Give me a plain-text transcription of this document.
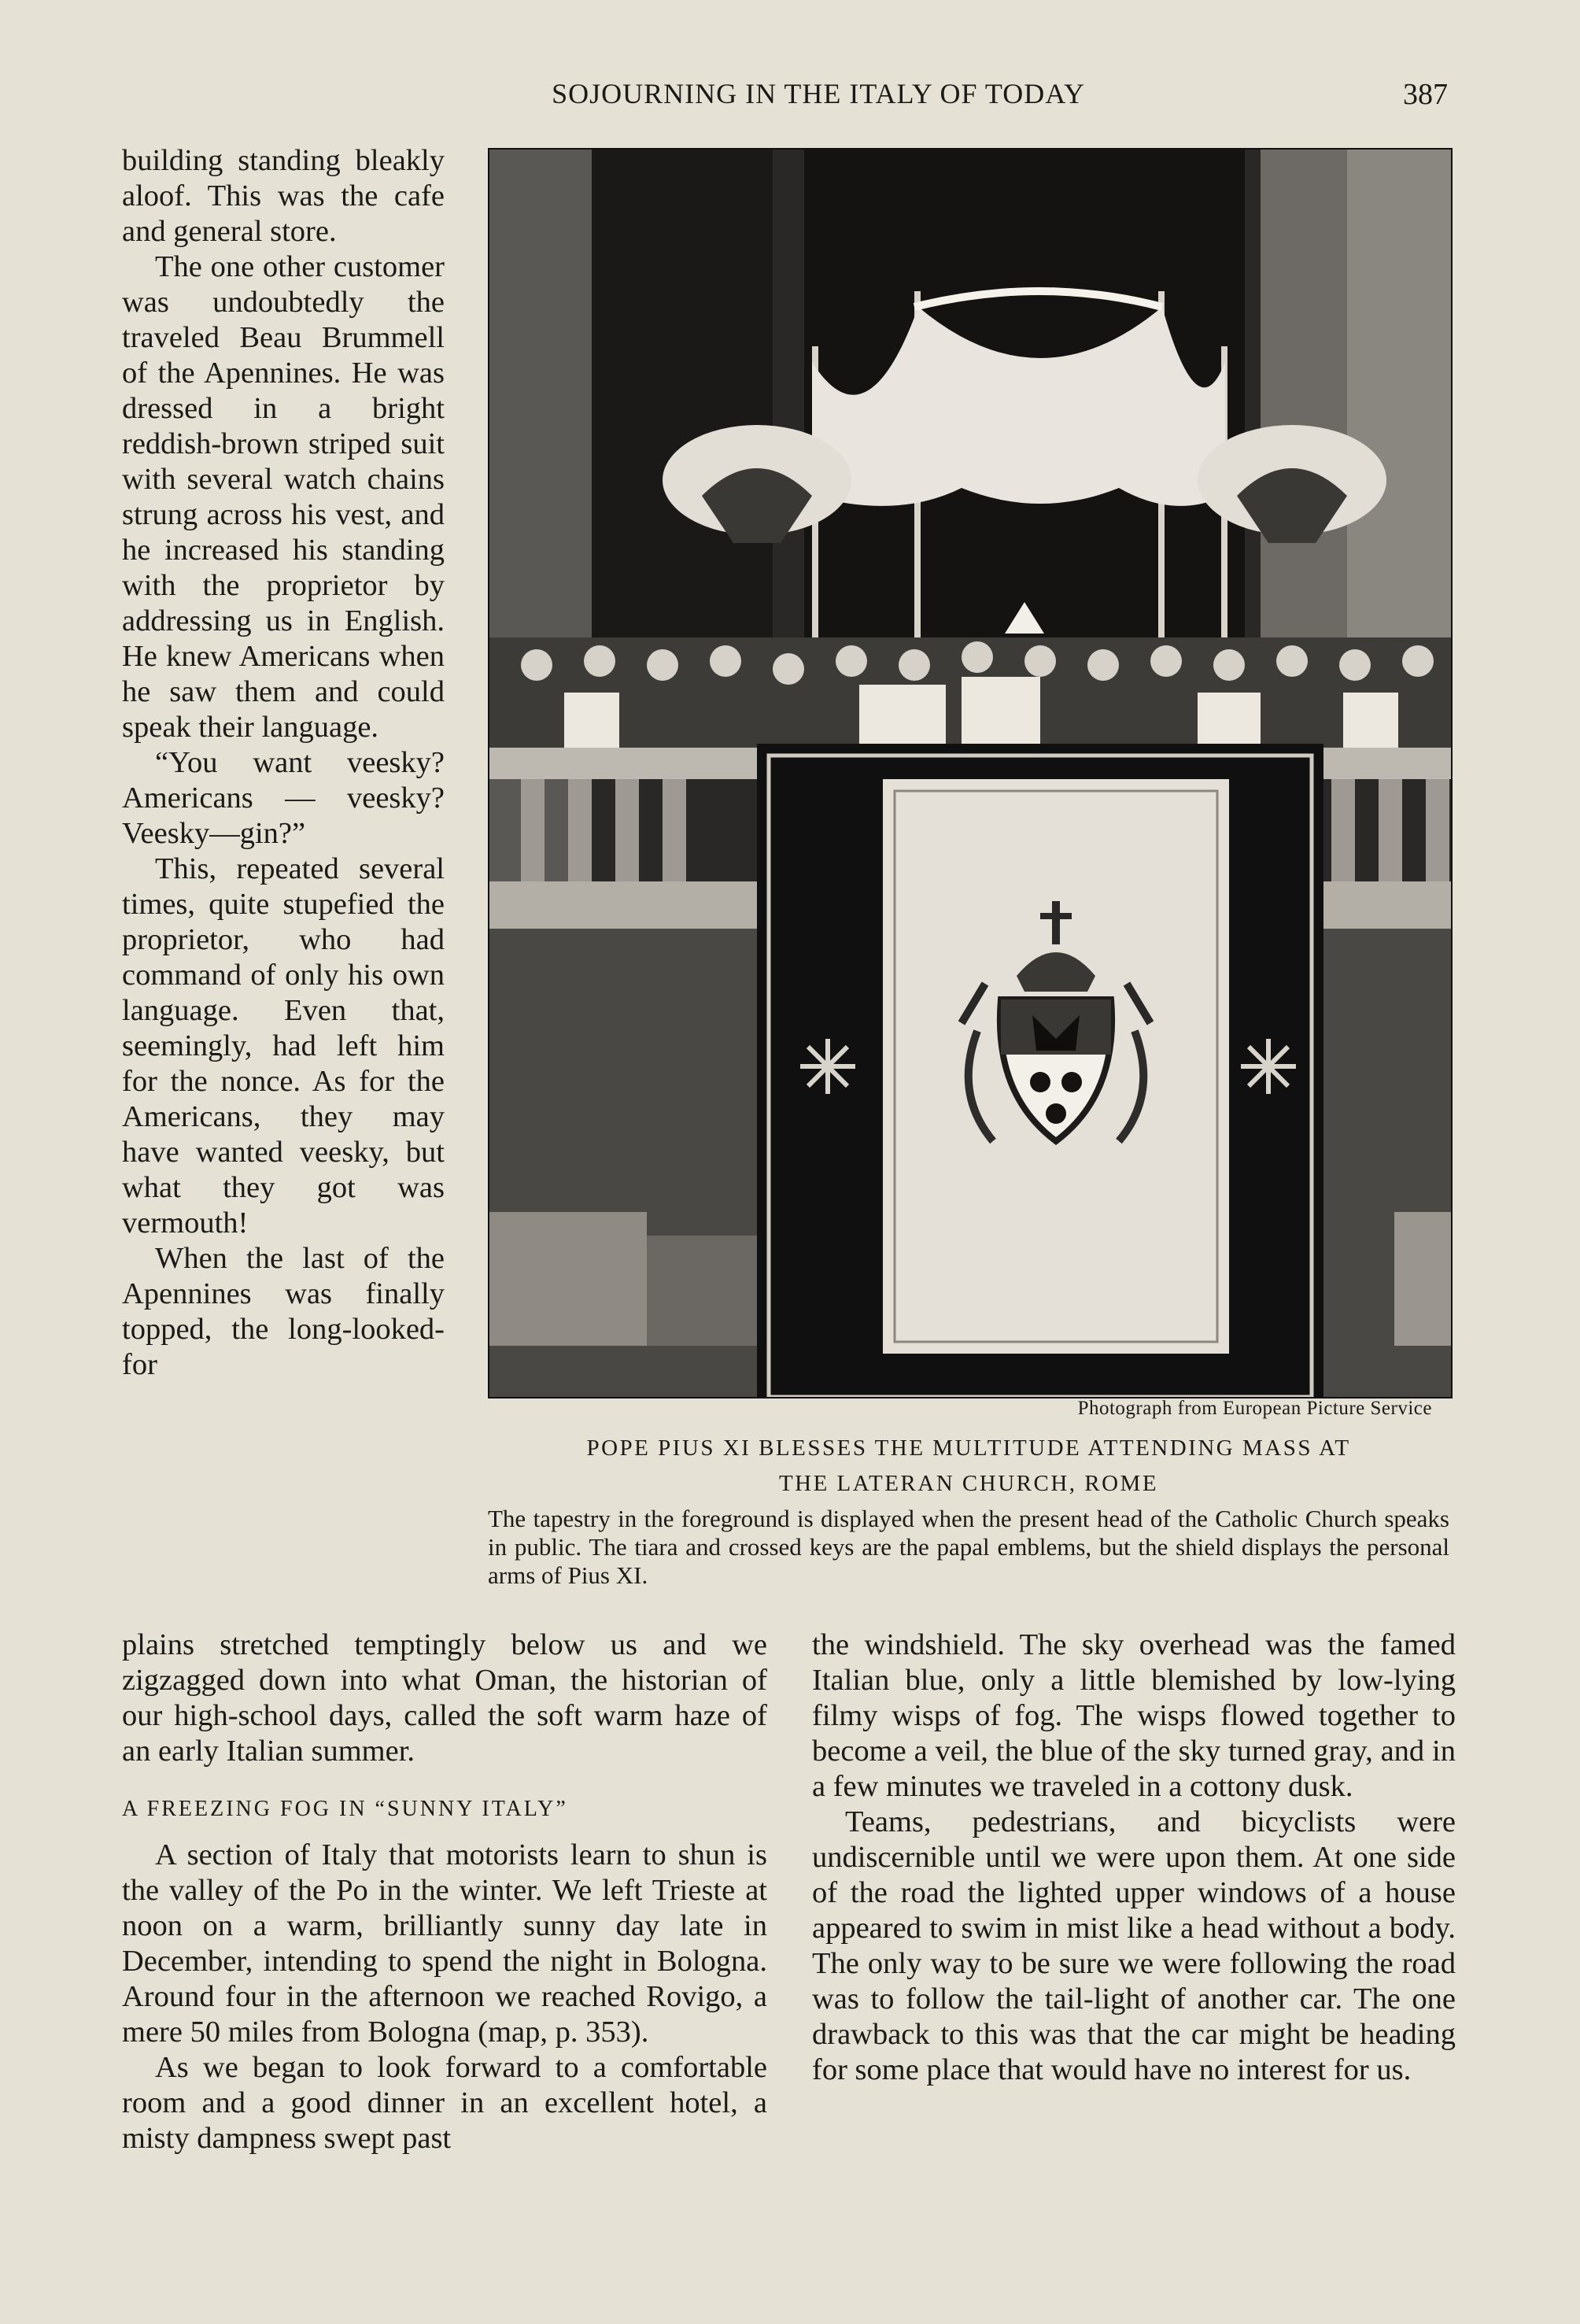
SOJOURNING IN THE ITALY OF TODAY	387

building standing bleakly aloof. This was the cafe and general store.

The one other customer was undoubtedly the traveled Beau Brummell of the Apennines. He was dressed in a bright reddish-brown striped suit with several watch chains strung across his vest, and he increased his standing with the proprietor by addressing us in English. He knew Americans when he saw them and could speak their language.

“You want veesky? Americans — veesky? Veesky—gin?”

This, repeated several times, quite stupefied the proprietor, who had command of only his own language. Even that, seemingly, had left him for the nonce. As for the Americans, they may have wanted veesky, but what they got was vermouth!

When the last of the Apennines was finally topped, the long-looked-for

Photograph from European Picture Service
POPE PIUS XI BLESSES THE MULTITUDE ATTENDING MASS AT
THE LATERAN CHURCH, ROME
The tapestry in the foreground is displayed when the present head of the Catholic Church speaks in public. The tiara and crossed keys are the papal emblems, but the shield displays the personal arms of Pius XI.

plains stretched temptingly below us and we zigzagged down into what Oman, the historian of our high-school days, called the soft warm haze of an early Italian summer.

A FREEZING FOG IN “SUNNY ITALY”

A section of Italy that motorists learn to shun is the valley of the Po in the winter. We left Trieste at noon on a warm, brilliantly sunny day late in December, intending to spend the night in Bologna. Around four in the afternoon we reached Rovigo, a mere 50 miles from Bologna (map, p. 353).

As we began to look forward to a comfortable room and a good dinner in an excellent hotel, a misty dampness swept past

the windshield. The sky overhead was the famed Italian blue, only a little blemished by low-lying filmy wisps of fog. The wisps flowed together to become a veil, the blue of the sky turned gray, and in a few minutes we traveled in a cottony dusk.

Teams, pedestrians, and bicyclists were undiscernible until we were upon them. At one side of the road the lighted upper windows of a house appeared to swim in mist like a head without a body. The only way to be sure we were following the road was to follow the tail-light of another car. The one drawback to this was that the car might be heading for some place that would have no interest for us.
